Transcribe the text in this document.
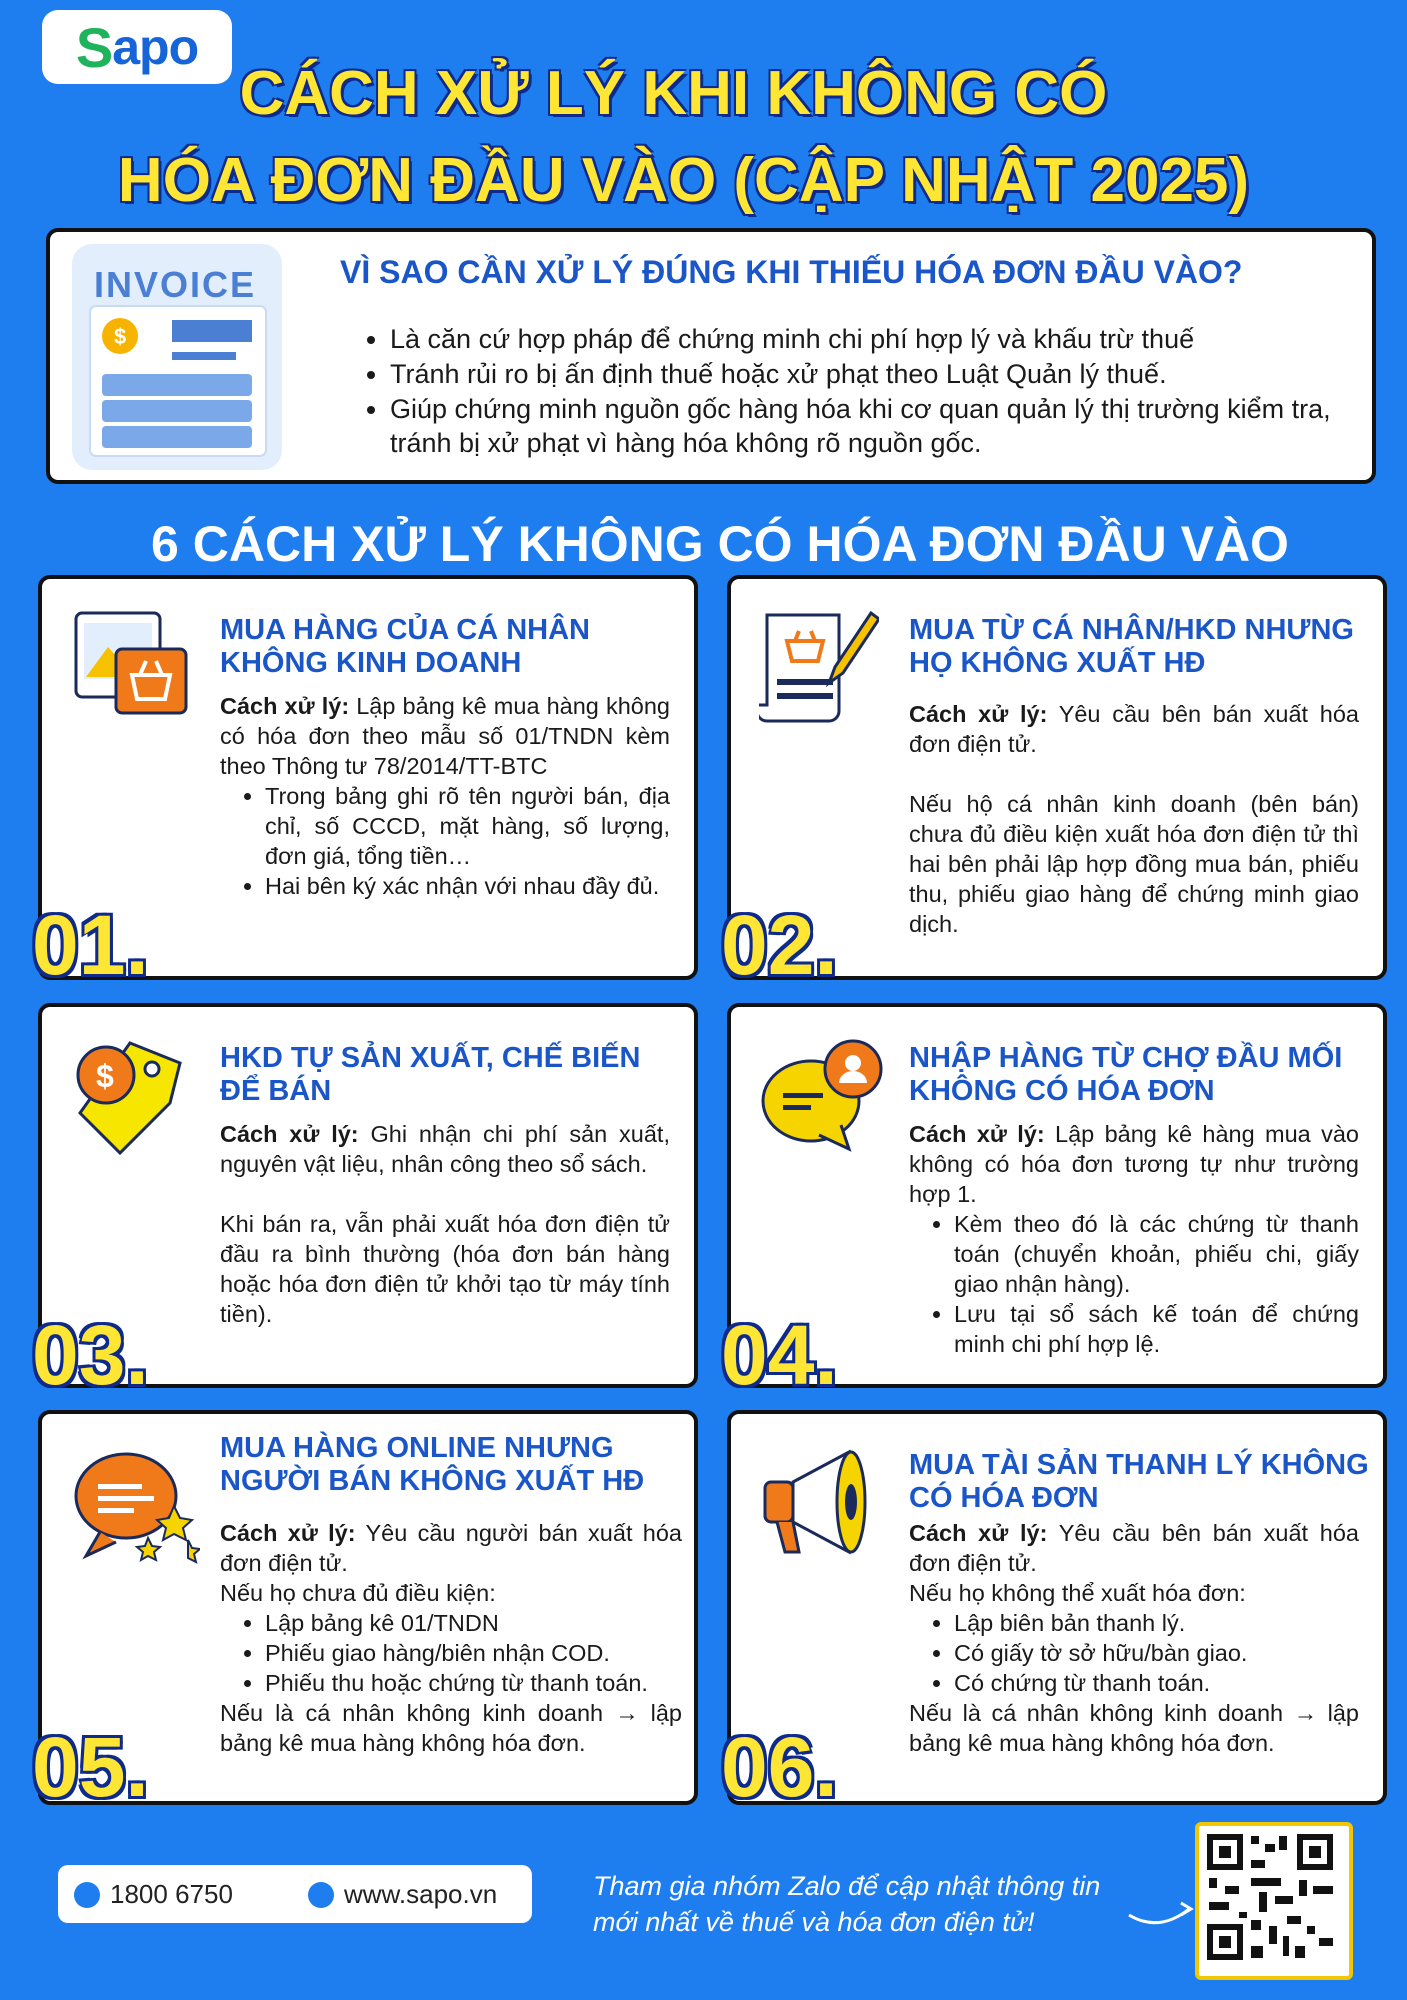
S apo
CÁCH XỬ LÝ KHI KHÔNG CÓ
HÓA ĐƠN ĐẦU VÀO (CẬP NHẬT 2025)
INVOICE
$
VÌ SAO CẦN XỬ LÝ ĐÚNG KHI THIẾU HÓA ĐƠN ĐẦU VÀO?
• Là căn cứ hợp pháp để chứng minh chi phí hợp lý và khấu trừ thuế
• Tránh rủi ro bị ấn định thuế hoặc xử phạt theo Luật Quản lý thuế.
• Giúp chứng minh nguồn gốc hàng hóa khi cơ quan quản lý thị trường kiểm tra, tránh bị xử phạt vì hàng hóa không rõ nguồn gốc.
6 CÁCH XỬ LÝ KHÔNG CÓ HÓA ĐƠN ĐẦU VÀO
MUA HÀNG CỦA CÁ NHÂN KHÔNG KINH DOANH

Cách xử lý: Lập bảng kê mua hàng không có hóa đơn theo mẫu số 01/TNDN kèm theo Thông tư 78/2014/TT-BTC

• Trong bảng ghi rõ tên người bán, địa chỉ, số CCCD, mặt hàng, số lượng, đơn giá, tổng tiền…
• Hai bên ký xác nhận với nhau đầy đủ.
01.
MUA TỪ CÁ NHÂN/HKD NHƯNG HỌ KHÔNG XUẤT HĐ

Cách xử lý: Yêu cầu bên bán xuất hóa đơn điện tử.

Nếu hộ cá nhân kinh doanh (bên bán) chưa đủ điều kiện xuất hóa đơn điện tử thì hai bên phải lập hợp đồng mua bán, phiếu thu, phiếu giao hàng để chứng minh giao dịch.

02.
$	HKD TỰ SẢN XUẤT, CHẾ BIẾN ĐỂ BÁN

Cách xử lý: Ghi nhận chi phí sản xuất, nguyên vật liệu, nhân công theo sổ sách.

Khi bán ra, vẫn phải xuất hóa đơn điện tử đầu ra bình thường (hóa đơn bán hàng hoặc hóa đơn điện tử khởi tạo từ máy tính tiền).

03.
NHẬP HÀNG TỪ CHỢ ĐẦU MỐI KHÔNG CÓ HÓA ĐƠN

Cách xử lý: Lập bảng kê hàng mua vào không có hóa đơn tương tự như trường hợp 1.

• Kèm theo đó là các chứng từ thanh toán (chuyển khoản, phiếu chi, giấy giao nhận hàng).
• Lưu tại sổ sách kế toán để chứng minh chi phí hợp lệ.
04.
MUA HÀNG ONLINE NHƯNG NGƯỜI BÁN KHÔNG XUẤT HĐ

Cách xử lý: Yêu cầu người bán xuất hóa đơn điện tử.

Nếu họ chưa đủ điều kiện:

• Lập bảng kê 01/TNDN
• Phiếu giao hàng/biên nhận COD.
• Phiếu thu hoặc chứng từ thanh toán.

Nếu là cá nhân không kinh doanh → lập bảng kê mua hàng không hóa đơn.

05.
MUA TÀI SẢN THANH LÝ KHÔNG CÓ HÓA ĐƠN

Cách xử lý: Yêu cầu bên bán xuất hóa đơn điện tử.

Nếu họ không thể xuất hóa đơn:

• Lập biên bản thanh lý.
• Có giấy tờ sở hữu/bàn giao.
• Có chứng từ thanh toán.

Nếu là cá nhân không kinh doanh → lập bảng kê mua hàng không hóa đơn.

06.
1800 6750	www.sapo.vn	Tham gia nhóm Zalo để cập nhật thông tin
mới nhất về thuế và hóa đơn điện tử!
